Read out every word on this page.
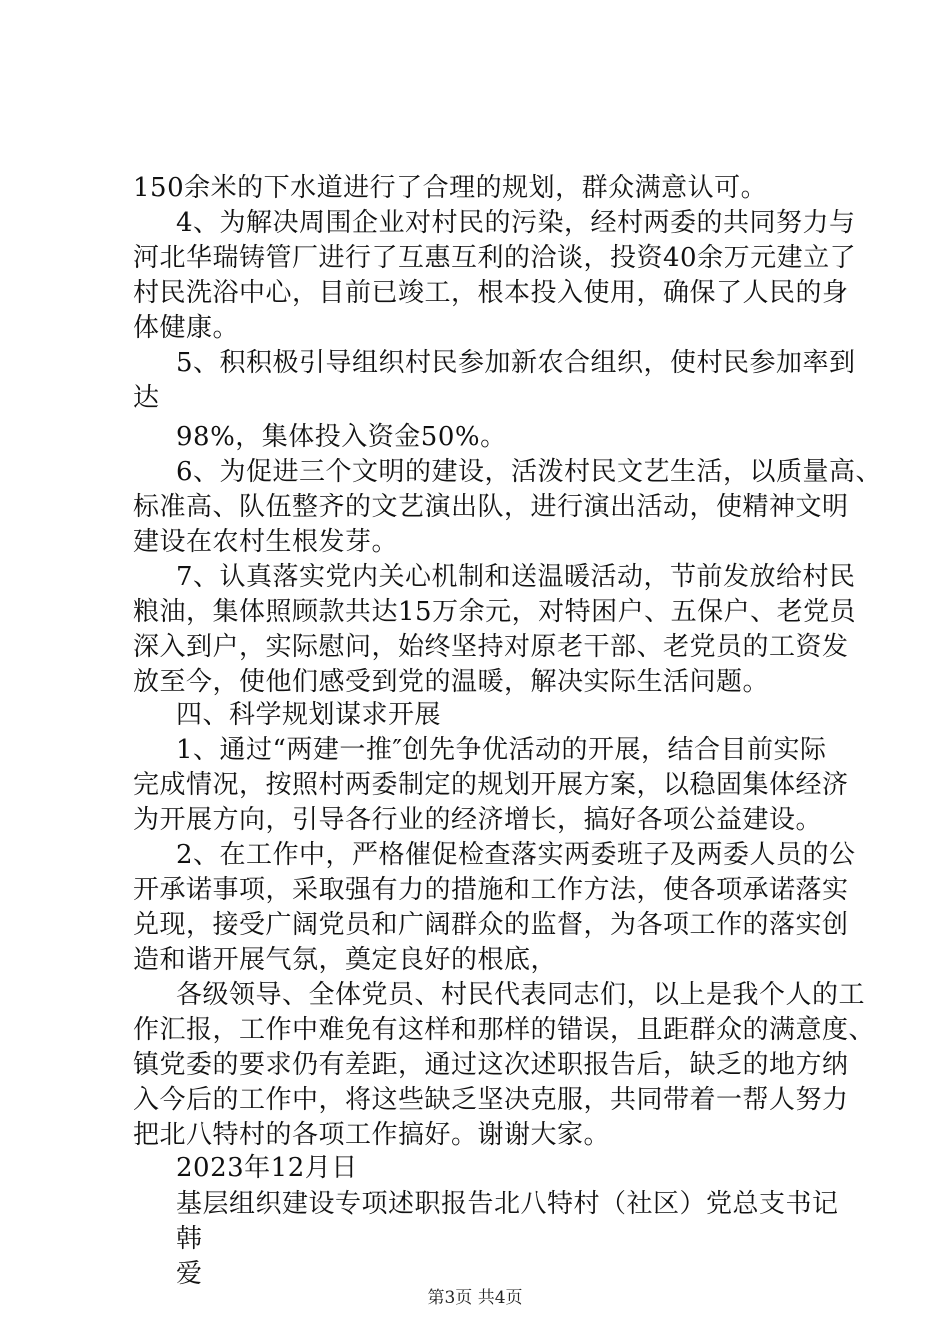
150余米的下水道进行了合理的规划，群众满意认可。
4、为解决周围企业对村民的污染，经村两委的共同努力与
河北华瑞铸管厂进行了互惠互利的洽谈，投资40余万元建立了
村民洗浴中心，目前已竣工，根本投入使用，确保了人民的身
体健康。
5、积积极引导组织村民参加新农合组织，使村民参加率到
达
98%，集体投入资金50%。
6、为促进三个文明的建设，活泼村民文艺生活，以质量高、
标准高、队伍整齐的文艺演出队，进行演出活动，使精神文明
建设在农村生根发芽。
7、认真落实党内关心机制和送温暖活动，节前发放给村民
粮油，集体照顾款共达15万余元，对特困户、五保户、老党员
深入到户，实际慰问，始终坚持对原老干部、老党员的工资发
放至今，使他们感受到党的温暖，解决实际生活问题。
四、科学规划谋求开展
1、通过“两建一推″创先争优活动的开展，结合目前实际
完成情况，按照村两委制定的规划开展方案，以稳固集体经济
为开展方向，引导各行业的经济增长，搞好各项公益建设。
2、在工作中，严格催促检查落实两委班子及两委人员的公
开承诺事项，采取强有力的措施和工作方法，使各项承诺落实
兑现，接受广阔党员和广阔群众的监督，为各项工作的落实创
造和谐开展气氛，奠定良好的根底，
各级领导、全体党员、村民代表同志们，以上是我个人的工
作汇报，工作中难免有这样和那样的错误，且距群众的满意度、
镇党委的要求仍有差距，通过这次述职报告后，缺乏的地方纳
入今后的工作中，将这些缺乏坚决克服，共同带着一帮人努力
把北八特村的各项工作搞好。谢谢大家。
2023年12月日
基层组织建设专项述职报告北八特村（社区）党总支书记
韩
爱
第3页 共4页
